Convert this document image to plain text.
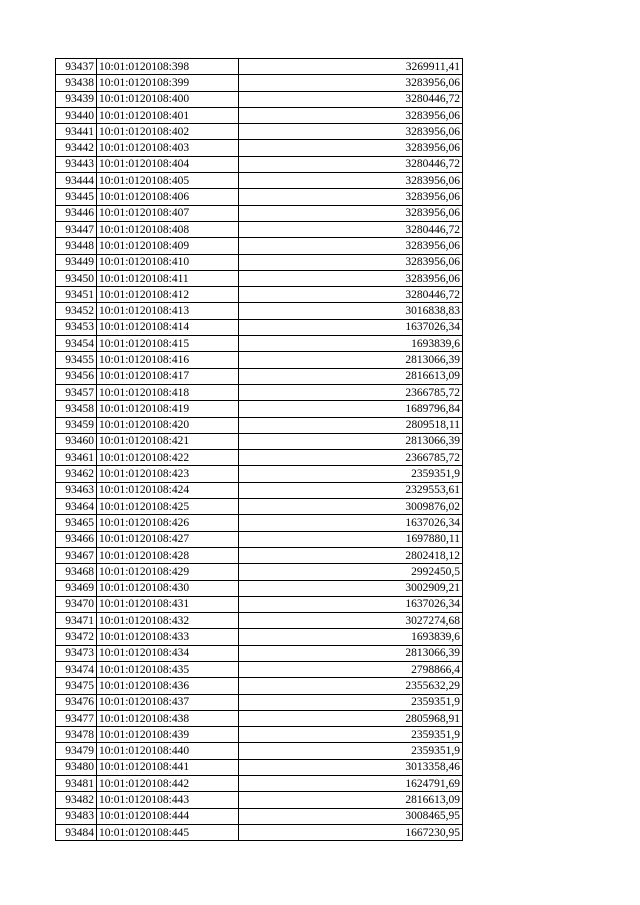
93437	10:01:0120108:398	3269911,41
93438	10:01:0120108:399	3283956,06
93439	10:01:0120108:400	3280446,72
93440	10:01:0120108:401	3283956,06
93441	10:01:0120108:402	3283956,06
93442	10:01:0120108:403	3283956,06
93443	10:01:0120108:404	3280446,72
93444	10:01:0120108:405	3283956,06
93445	10:01:0120108:406	3283956,06
93446	10:01:0120108:407	3283956,06
93447	10:01:0120108:408	3280446,72
93448	10:01:0120108:409	3283956,06
93449	10:01:0120108:410	3283956,06
93450	10:01:0120108:411	3283956,06
93451	10:01:0120108:412	3280446,72
93452	10:01:0120108:413	3016838,83
93453	10:01:0120108:414	1637026,34
93454	10:01:0120108:415	1693839,6
93455	10:01:0120108:416	2813066,39
93456	10:01:0120108:417	2816613,09
93457	10:01:0120108:418	2366785,72
93458	10:01:0120108:419	1689796,84
93459	10:01:0120108:420	2809518,11
93460	10:01:0120108:421	2813066,39
93461	10:01:0120108:422	2366785,72
93462	10:01:0120108:423	2359351,9
93463	10:01:0120108:424	2329553,61
93464	10:01:0120108:425	3009876,02
93465	10:01:0120108:426	1637026,34
93466	10:01:0120108:427	1697880,11
93467	10:01:0120108:428	2802418,12
93468	10:01:0120108:429	2992450,5
93469	10:01:0120108:430	3002909,21
93470	10:01:0120108:431	1637026,34
93471	10:01:0120108:432	3027274,68
93472	10:01:0120108:433	1693839,6
93473	10:01:0120108:434	2813066,39
93474	10:01:0120108:435	2798866,4
93475	10:01:0120108:436	2355632,29
93476	10:01:0120108:437	2359351,9
93477	10:01:0120108:438	2805968,91
93478	10:01:0120108:439	2359351,9
93479	10:01:0120108:440	2359351,9
93480	10:01:0120108:441	3013358,46
93481	10:01:0120108:442	1624791,69
93482	10:01:0120108:443	2816613,09
93483	10:01:0120108:444	3008465,95
93484	10:01:0120108:445	1667230,95
